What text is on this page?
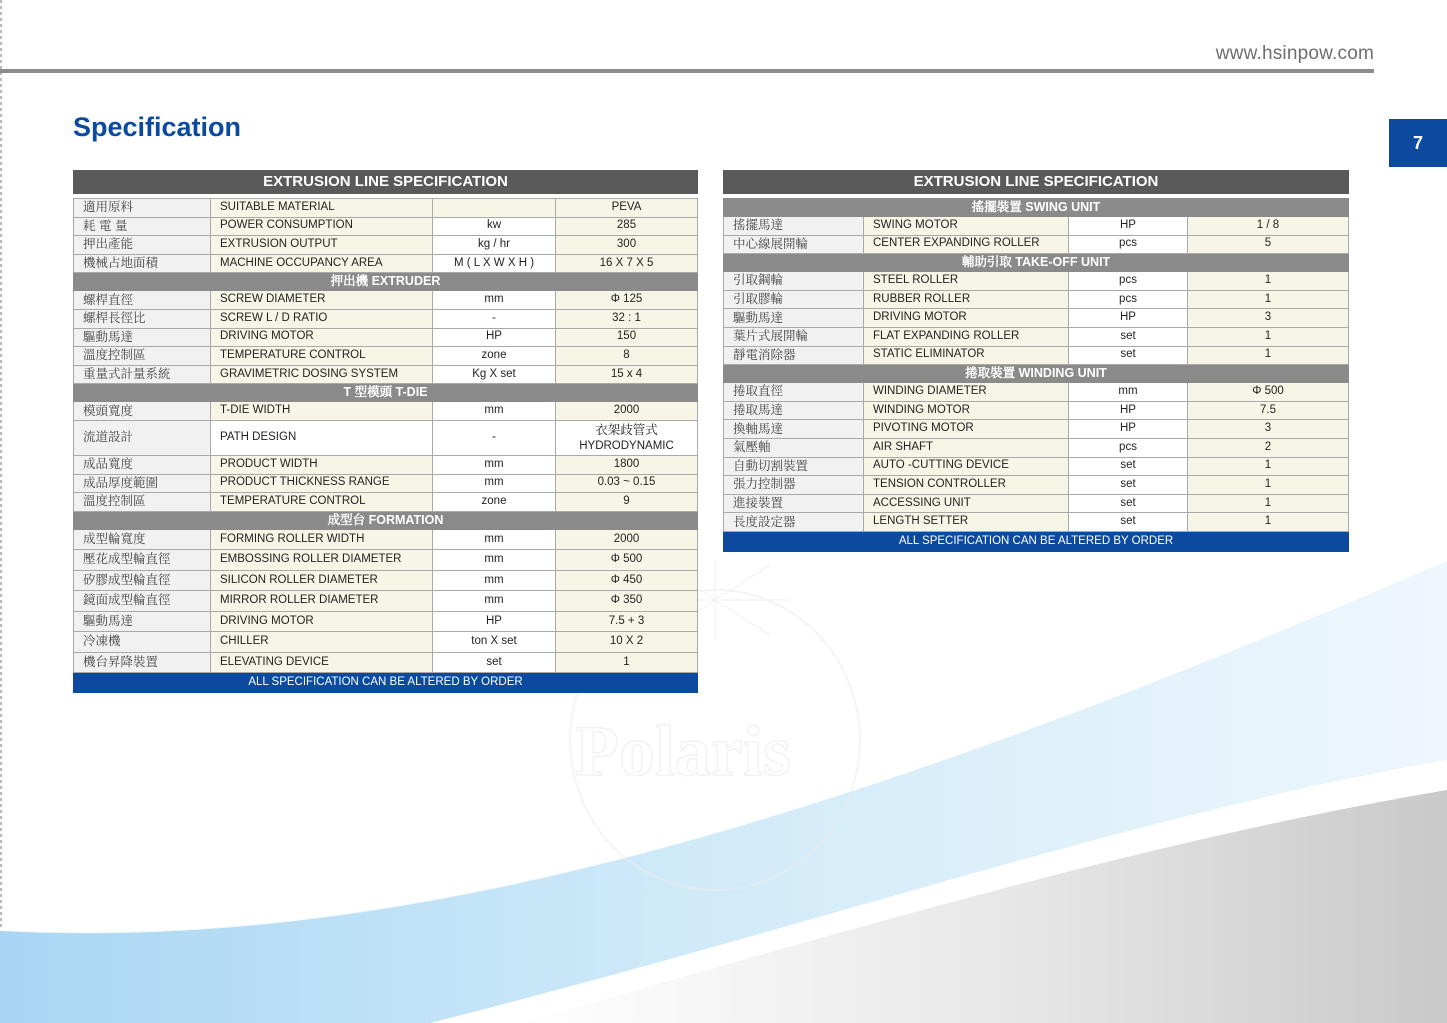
Polaris
www.hsinpow.com
7
Specification
EXTRUSION LINE SPECIFICATION			

適用原料	SUITABLE MATERIAL		PEVA
耗 電 量	POWER CONSUMPTION	kw	285
押出產能	EXTRUSION OUTPUT	kg / hr	300
機械占地面積	MACHINE OCCUPANCY AREA	M ( L X W X H )	16 X 7 X 5
押出機 EXTRUDER			
螺桿直徑	SCREW DIAMETER	mm	Φ 125
螺桿長徑比	SCREW L / D RATIO	-	32 : 1
驅動馬達	DRIVING MOTOR	HP	150
溫度控制區	TEMPERATURE CONTROL	zone	8
重量式計量系統	GRAVIMETRIC DOSING SYSTEM	Kg X set	15 x 4
T 型模頭 T-DIE			
模頭寬度	T-DIE WIDTH	mm	2000
流道設計	PATH DESIGN	-	衣架歧管式
HYDRODYNAMIC

成品寬度	PRODUCT WIDTH	mm	1800
成品厚度範圍	PRODUCT THICKNESS RANGE	mm	0.03 ~ 0.15
溫度控制區	TEMPERATURE CONTROL	zone	9
成型台 FORMATION			
成型輪寬度	FORMING ROLLER WIDTH	mm	2000
壓花成型輪直徑	EMBOSSING ROLLER DIAMETER	mm	Φ 500
矽膠成型輪直徑	SILICON ROLLER DIAMETER	mm	Φ 450
鏡面成型輪直徑	MIRROR ROLLER DIAMETER	mm	Φ 350
驅動馬達	DRIVING MOTOR	HP	7.5 + 3
冷凍機	CHILLER	ton X set	10 X 2
機台昇降裝置	ELEVATING DEVICE	set	1
ALL SPECIFICATION CAN BE ALTERED BY ORDER			
EXTRUSION LINE SPECIFICATION			

搖擺裝置 SWING UNIT			
搖擺馬達	SWING MOTOR	HP	1 / 8
中心線展開輪	CENTER EXPANDING ROLLER	pcs	5
輔助引取 TAKE-OFF UNIT			
引取鋼輪	STEEL ROLLER	pcs	1
引取膠輪	RUBBER ROLLER	pcs	1
驅動馬達	DRIVING MOTOR	HP	3
葉片式展開輪	FLAT EXPANDING ROLLER	set	1
靜電消除器	STATIC ELIMINATOR	set	1
捲取裝置 WINDING UNIT			
捲取直徑	WINDING DIAMETER	mm	Φ 500
捲取馬達	WINDING MOTOR	HP	7.5
換軸馬達	PIVOTING MOTOR	HP	3
氣壓軸	AIR SHAFT	pcs	2
自動切割裝置	AUTO -CUTTING DEVICE	set	1
張力控制器	TENSION CONTROLLER	set	1
進接裝置	ACCESSING UNIT	set	1
長度設定器	LENGTH SETTER	set	1
ALL SPECIFICATION CAN BE ALTERED BY ORDER			
